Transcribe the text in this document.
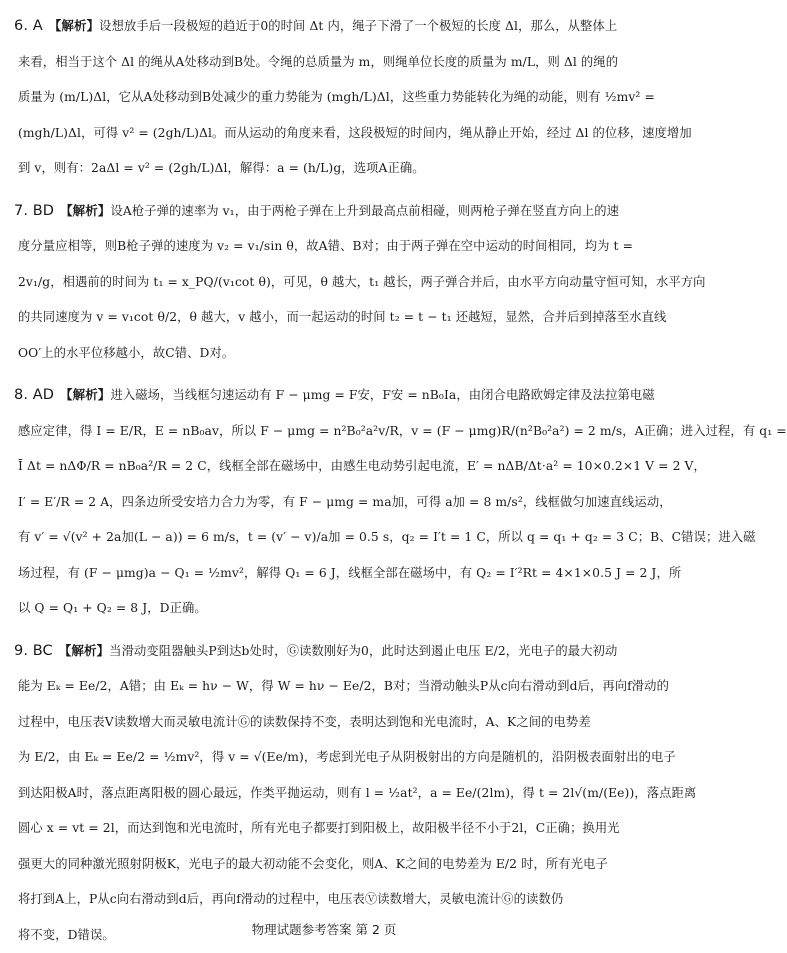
6. A 【解析】设想放手后一段极短的趋近于0的时间 Δt 内，绳子下滑了一个极短的长度 Δl，那么，从整体上
来看，相当于这个 Δl 的绳从A处移动到B处。令绳的总质量为 m，则绳单位长度的质量为 m/L，则 Δl 的绳的
质量为 (m/L)Δl，它从A处移动到B处减少的重力势能为 (mgh/L)Δl，这些重力势能转化为绳的动能，则有 ½mv² =
(mgh/L)Δl，可得 v² = (2gh/L)Δl。而从运动的角度来看，这段极短的时间内，绳从静止开始，经过 Δl 的位移，速度增加
到 v，则有：2aΔl = v² = (2gh/L)Δl，解得：a = (h/L)g，选项A正确。
7. BD 【解析】设A枪子弹的速率为 v₁，由于两枪子弹在上升到最高点前相碰，则两枪子弹在竖直方向上的速
度分量应相等，则B枪子弹的速度为 v₂ = v₁/sin θ，故A错、B对；由于两子弹在空中运动的时间相同，均为 t =
2v₁/g，相遇前的时间为 t₁ = x_PQ/(v₁cot θ)，可见，θ 越大，t₁ 越长，两子弹合并后，由水平方向动量守恒可知，水平方向
的共同速度为 v = v₁cot θ/2，θ 越大，v 越小，而一起运动的时间 t₂ = t − t₁ 还越短，显然，合并后到掉落至水直线
OO′上的水平位移越小，故C错、D对。
8. AD 【解析】进入磁场，当线框匀速运动有 F − μmg = F安，F安 = nB₀Ia，由闭合电路欧姆定律及法拉第电磁
感应定律，得 I = E/R，E = nB₀av，所以 F − μmg = n²B₀²a²v/R，v = (F − μmg)R/(n²B₀²a²) = 2 m/s，A正确；进入过程，有 q₁ =
Ī Δt = nΔΦ/R = nB₀a²/R = 2 C，线框全部在磁场中，由感生电动势引起电流，E′ = nΔB/Δt·a² = 10×0.2×1 V = 2 V，
I′ = E′/R = 2 A，四条边所受安培力合力为零，有 F − μmg = ma加，可得 a加 = 8 m/s²，线框做匀加速直线运动，
有 v′ = √(v² + 2a加(L − a)) = 6 m/s，t = (v′ − v)/a加 = 0.5 s，q₂ = I′t = 1 C，所以 q = q₁ + q₂ = 3 C；B、C错误；进入磁
场过程，有 (F − μmg)a − Q₁ = ½mv²，解得 Q₁ = 6 J，线框全部在磁场中，有 Q₂ = I′²Rt = 4×1×0.5 J = 2 J，所
以 Q = Q₁ + Q₂ = 8 J，D正确。
9. BC 【解析】当滑动变阻器触头P到达b处时，Ⓖ读数刚好为0，此时达到遏止电压 E/2，光电子的最大初动
能为 Eₖ = Ee/2，A错；由 Eₖ = hν − W，得 W = hν − Ee/2，B对；当滑动触头P从c向右滑动到d后，再向f滑动的
过程中，电压表V读数增大而灵敏电流计Ⓖ的读数保持不变，表明达到饱和光电流时，A、K之间的电势差
为 E/2，由 Eₖ = Ee/2 = ½mv²，得 v = √(Ee/m)，考虑到光电子从阴极射出的方向是随机的，沿阴极表面射出的电子
到达阳极A时，落点距离阳极的圆心最远，作类平抛运动，则有 l = ½at²，a = Ee/(2lm)，得 t = 2l√(m/(Ee))，落点距离
圆心 x = vt = 2l，而达到饱和光电流时，所有光电子都要打到阳极上，故阳极半径不小于2l，C正确；换用光
强更大的同种激光照射阴极K，光电子的最大初动能不会变化，则A、K之间的电势差为 E/2 时，所有光电子
将打到A上，P从c向右滑动到d后，再向f滑动的过程中，电压表Ⓥ读数增大，灵敏电流计Ⓖ的读数仍
将不变，D错误。	物理试题参考答案 第 2 页
